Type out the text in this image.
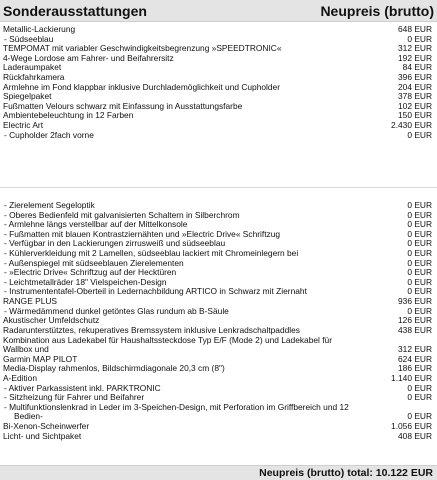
Sonderausstattungen	Neupreis (brutto)
Metallic-Lackierung	648 EUR
- Südseeblau	0 EUR
TEMPOMAT mit variabler Geschwindigkeitsbegrenzung »SPEEDTRONIC«	312 EUR
4-Wege Lordose am Fahrer- und Beifahrersitz	192 EUR
Laderaumpaket	84 EUR
Rückfahrkamera	396 EUR
Armlehne im Fond klappbar inklusive Durchlademöglichkeit und Cupholder	204 EUR
Spiegelpaket	378 EUR
Fußmatten Velours schwarz mit Einfassung in Ausstattungsfarbe	102 EUR
Ambientebeleuchtung in 12 Farben	150 EUR
Electric Art	2.430 EUR
- Cupholder 2fach vorne	0 EUR
- Zierelement Segeloptik	0 EUR
- Oberes Bedienfeld mit galvanisierten Schaltern in Silberchrom	0 EUR
- Armlehne längs verstellbar auf der Mittelkonsole	0 EUR
- Fußmatten mit blauen Kontrastziernähten und »Electric Drive« Schriftzug	0 EUR
- Verfügbar in den Lackierungen zirrusweiß und südseeblau	0 EUR
- Kühlerverkleidung mit 2 Lamellen, südseeblau lackiert mit Chromeinlegern bei	0 EUR
- Außenspiegel mit südseeblauen Zierelementen	0 EUR
- »Electric Drive« Schriftzug auf der Hecktüren	0 EUR
- Leichtmetallräder 18" Vielspeichen-Design	0 EUR
- Instrumententafel-Oberteil in Ledernachbildung ARTICO in Schwarz mit Ziernaht	0 EUR
RANGE PLUS	936 EUR
- Wärmedämmend dunkel getöntes Glas rundum ab B-Säule	0 EUR
Akustischer Umfeldschutz	126 EUR
Radarunterstütztes, rekuperatives Bremssystem inklusive Lenkradschaltpaddles	438 EUR
Kombination aus Ladekabel für Haushaltssteckdose Typ E/F (Mode 2) und Ladekabel für
Wallbox und	312 EUR
Garmin MAP PILOT	624 EUR
Media-Display rahmenlos, Bildschirmdiagonale 20,3 cm (8")	186 EUR
A-Edition	1.140 EUR
- Aktiver Parkassistent inkl. PARKTRONIC	0 EUR
- Sitzheizung für Fahrer und Beifahrer	0 EUR
- Multifunktionslenkrad in Leder im 3-Speichen-Design, mit Perforation im Griffbereich und 12
Bedien-	0 EUR
Bi-Xenon-Scheinwerfer	1.056 EUR
Licht- und Sichtpaket	408 EUR
Neupreis (brutto) total: 10.122 EUR
